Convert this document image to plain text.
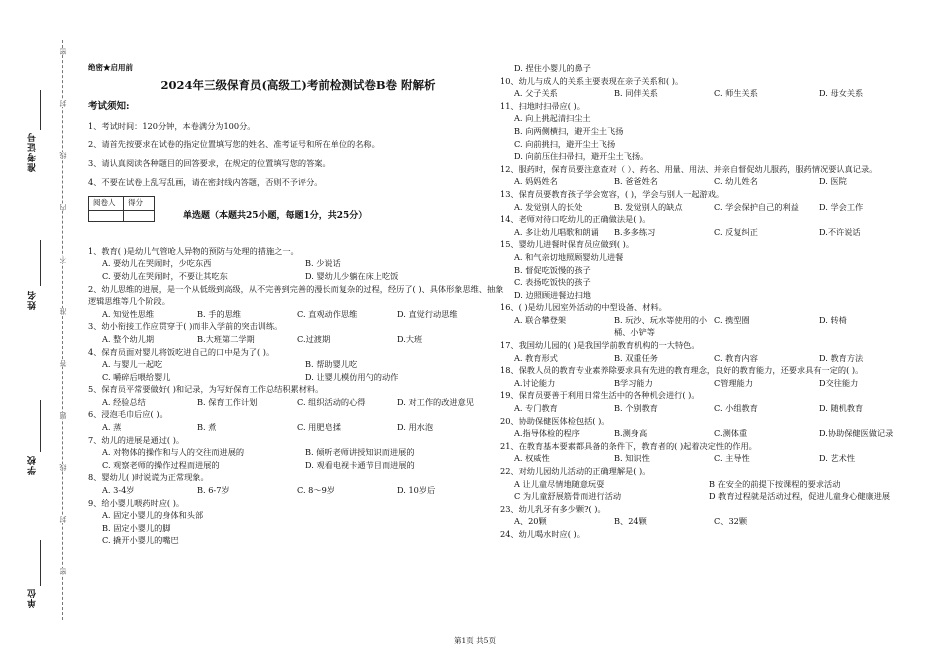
准考证号
姓名
学校
单位
密
封
线
内
不
准
答
题
线
封
密
绝密★启用前
2024年三级保育员(高级工)考前检测试卷B卷 附解析
考试须知:
1、考试时间：120分钟，本卷满分为100分。
2、请首先按要求在试卷的指定位置填写您的姓名、准考证号和所在单位的名称。
3、请认真阅读各种题目的回答要求，在规定的位置填写您的答案。
4、不要在试卷上乱写乱画，请在密封线内答题，否则不予评分。
阅卷人	得分

单选题（本题共25小题，每题1分，共25分）
1、教育( )是幼儿气管呛人异物的预防与处理的措施之一。
A. 要幼儿在哭闹时，少吃东西	B. 少说话
C. 要幼儿在哭闹时，不要让其吃东	D. 婴幼儿少躺在床上吃饭
2、幼儿思维的进展，是一个从低级到高级，从不完善到完善的漫长而复杂的过程，经历了( )、具体形象思维、抽象逻辑思维等几个阶段。
A. 知觉性思维	B. 手的思维	C. 直观动作思维	D. 直觉行动思维
3、幼小衔接工作应贯穿于( )而非入学前的突击训练。
A. 整个幼儿期	B.大班第二学期	C.过渡期	D.大班
4、保育员面对婴儿将饭吃进自己的口中是为了( )。
A. 与婴儿一起吃	B. 帮助婴儿吃
C. 嚼碎后喂给婴儿	D. 让婴儿模仿用勺的动作
5、保育员平常要做好( )和记录，为写好保育工作总结积累材料。
A. 经验总结	B. 保育工作计划	C. 组织活动的心得	D. 对工作的改进意见
6、浸泡毛巾后应( )。
A. 蒸	B. 煮	C. 用肥皂揉	D. 用水泡
7、幼儿的进展是通过( )。
A. 对物体的操作和与人的交往而进展的	B. 倾听老师讲授知识而进展的
C. 观察老师的操作过程而进展的	D. 观看电视卡通节目而进展的
8、婴幼儿( )时说谎为正常现象。
A. 3-4岁	B. 6-7岁	C. 8～9岁	D. 10岁后
9、给小婴儿喂药时应( )。
A. 固定小婴儿的身体和头部
B. 固定小婴儿的脚
C. 撬开小婴儿的嘴巴
D. 捏住小婴儿的鼻子
10、幼儿与成人的关系主要表现在亲子关系和( )。
A. 父子关系	B. 同伴关系	C. 师生关系	D. 母女关系
11、扫地时扫帚应( )。
A. 向上挑起清扫尘土
B. 向两侧横扫，避开尘土飞扬
C. 向前挑扫，避开尘土飞扬
D. 向前压住扫帚扫，避开尘土飞扬。
12、服药时，保育员要注意查对（ ）、药名、用量、用法、并亲自督促幼儿服药，服药情况要认真记录。
A. 妈妈姓名	B. 爸爸姓名	C. 幼儿姓名	D. 医院
13、保育员要教育孩子学会宽容，( )，学会与别人一起游戏。
A. 发觉别人的长处	B. 发觉别人的缺点	C. 学会保护自己的利益	D. 学会工作
14、老师对待口吃幼儿的正确做法是( )。
A. 多让幼儿唱歌和朗诵	B.多多练习	C. 反复纠正	D.不许说话
15、婴幼儿进餐时保育员应做到( )。
A. 和气亲切地照顾婴幼儿进餐
B. 督促吃饭慢的孩子
C. 表扬吃饭快的孩子
D. 边照顾进餐边扫地
16、( )是幼儿园室外活动的中型设备、材料。
A. 联合攀登架	B. 玩沙、玩水等使用的小桶、小铲等
C. 携型圈	D. 转椅
17、我国幼儿园的( )是我国学前教育机构的一大特色。
A. 教育形式	B. 双重任务	C. 教育内容	D. 教育方法
18、保教人员的教育专业素养除要求具有先进的教育理念，良好的教育能力，还要求具有一定的( )。
A.讨论能力	B学习能力	C管理能力	D交往能力
19、保育员要善于利用日常生活中的各种机会进行( )。
A. 专门教育	B. 个别教育	C. 小组教育	D. 随机教育
20、协助保健医体检包括( )。
A.指导体检的程序	B.测身高	C.测体重	D.协助保健医做记录
21、在教育基本要素都具备的条件下，教育者的( )起着决定性的作用。
A. 权威性	B. 知识性	C. 主导性	D. 艺术性
22、对幼儿园幼儿活动的正确理解是( )。
A 让儿童尽情地随意玩耍	B 在安全的前提下按课程的要求活动
C 为儿童舒展筋骨而进行活动	D 教育过程就是活动过程，促进儿童身心健康进展
23、幼儿乳牙有多少颗?( )。
A、20颗	B、24颗	C、32颗
24、幼儿喝水时应( )。
第1页 共5页
